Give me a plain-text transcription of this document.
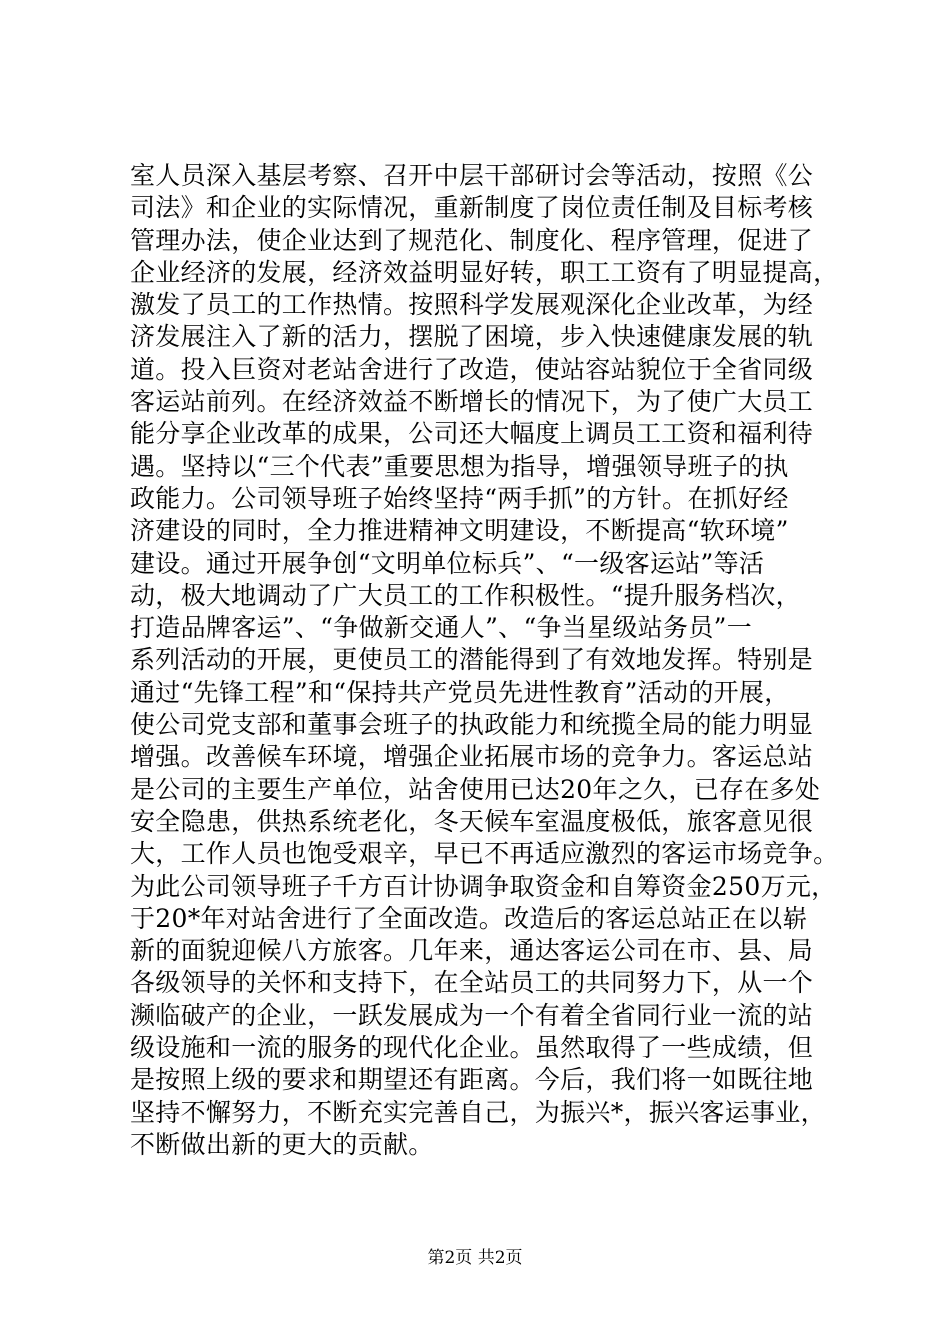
室人员深入基层考察、召开中层干部研讨会等活动，按照《公
司法》和企业的实际情况，重新制度了岗位责任制及目标考核
管理办法，使企业达到了规范化、制度化、程序管理，促进了
企业经济的发展，经济效益明显好转，职工工资有了明显提高，
激发了员工的工作热情。按照科学发展观深化企业改革，为经
济发展注入了新的活力，摆脱了困境，步入快速健康发展的轨
道。投入巨资对老站舍进行了改造，使站容站貌位于全省同级
客运站前列。在经济效益不断增长的情况下，为了使广大员工
能分享企业改革的成果，公司还大幅度上调员工工资和福利待
遇。坚持以“三个代表”重要思想为指导，增强领导班子的执
政能力。公司领导班子始终坚持“两手抓”的方针。在抓好经
济建设的同时，全力推进精神文明建设，不断提高“软环境”
建设。通过开展争创“文明单位标兵”、“一级客运站”等活
动，极大地调动了广大员工的工作积极性。“提升服务档次，
打造品牌客运”、“争做新交通人”、“争当星级站务员”一
系列活动的开展，更使员工的潜能得到了有效地发挥。特别是
通过“先锋工程”和“保持共产党员先进性教育”活动的开展，
使公司党支部和董事会班子的执政能力和统揽全局的能力明显
增强。改善候车环境，增强企业拓展市场的竞争力。客运总站
是公司的主要生产单位，站舍使用已达20年之久，已存在多处
安全隐患，供热系统老化，冬天候车室温度极低，旅客意见很
大，工作人员也饱受艰辛，早已不再适应激烈的客运市场竞争。
为此公司领导班子千方百计协调争取资金和自筹资金250万元，
于20*年对站舍进行了全面改造。改造后的客运总站正在以崭
新的面貌迎候八方旅客。几年来，通达客运公司在市、县、局
各级领导的关怀和支持下，在全站员工的共同努力下，从一个
濒临破产的企业，一跃发展成为一个有着全省同行业一流的站
级设施和一流的服务的现代化企业。虽然取得了一些成绩，但
是按照上级的要求和期望还有距离。今后，我们将一如既往地
坚持不懈努力，不断充实完善自己，为振兴*，振兴客运事业，
不断做出新的更大的贡献。
第2页 共2页
